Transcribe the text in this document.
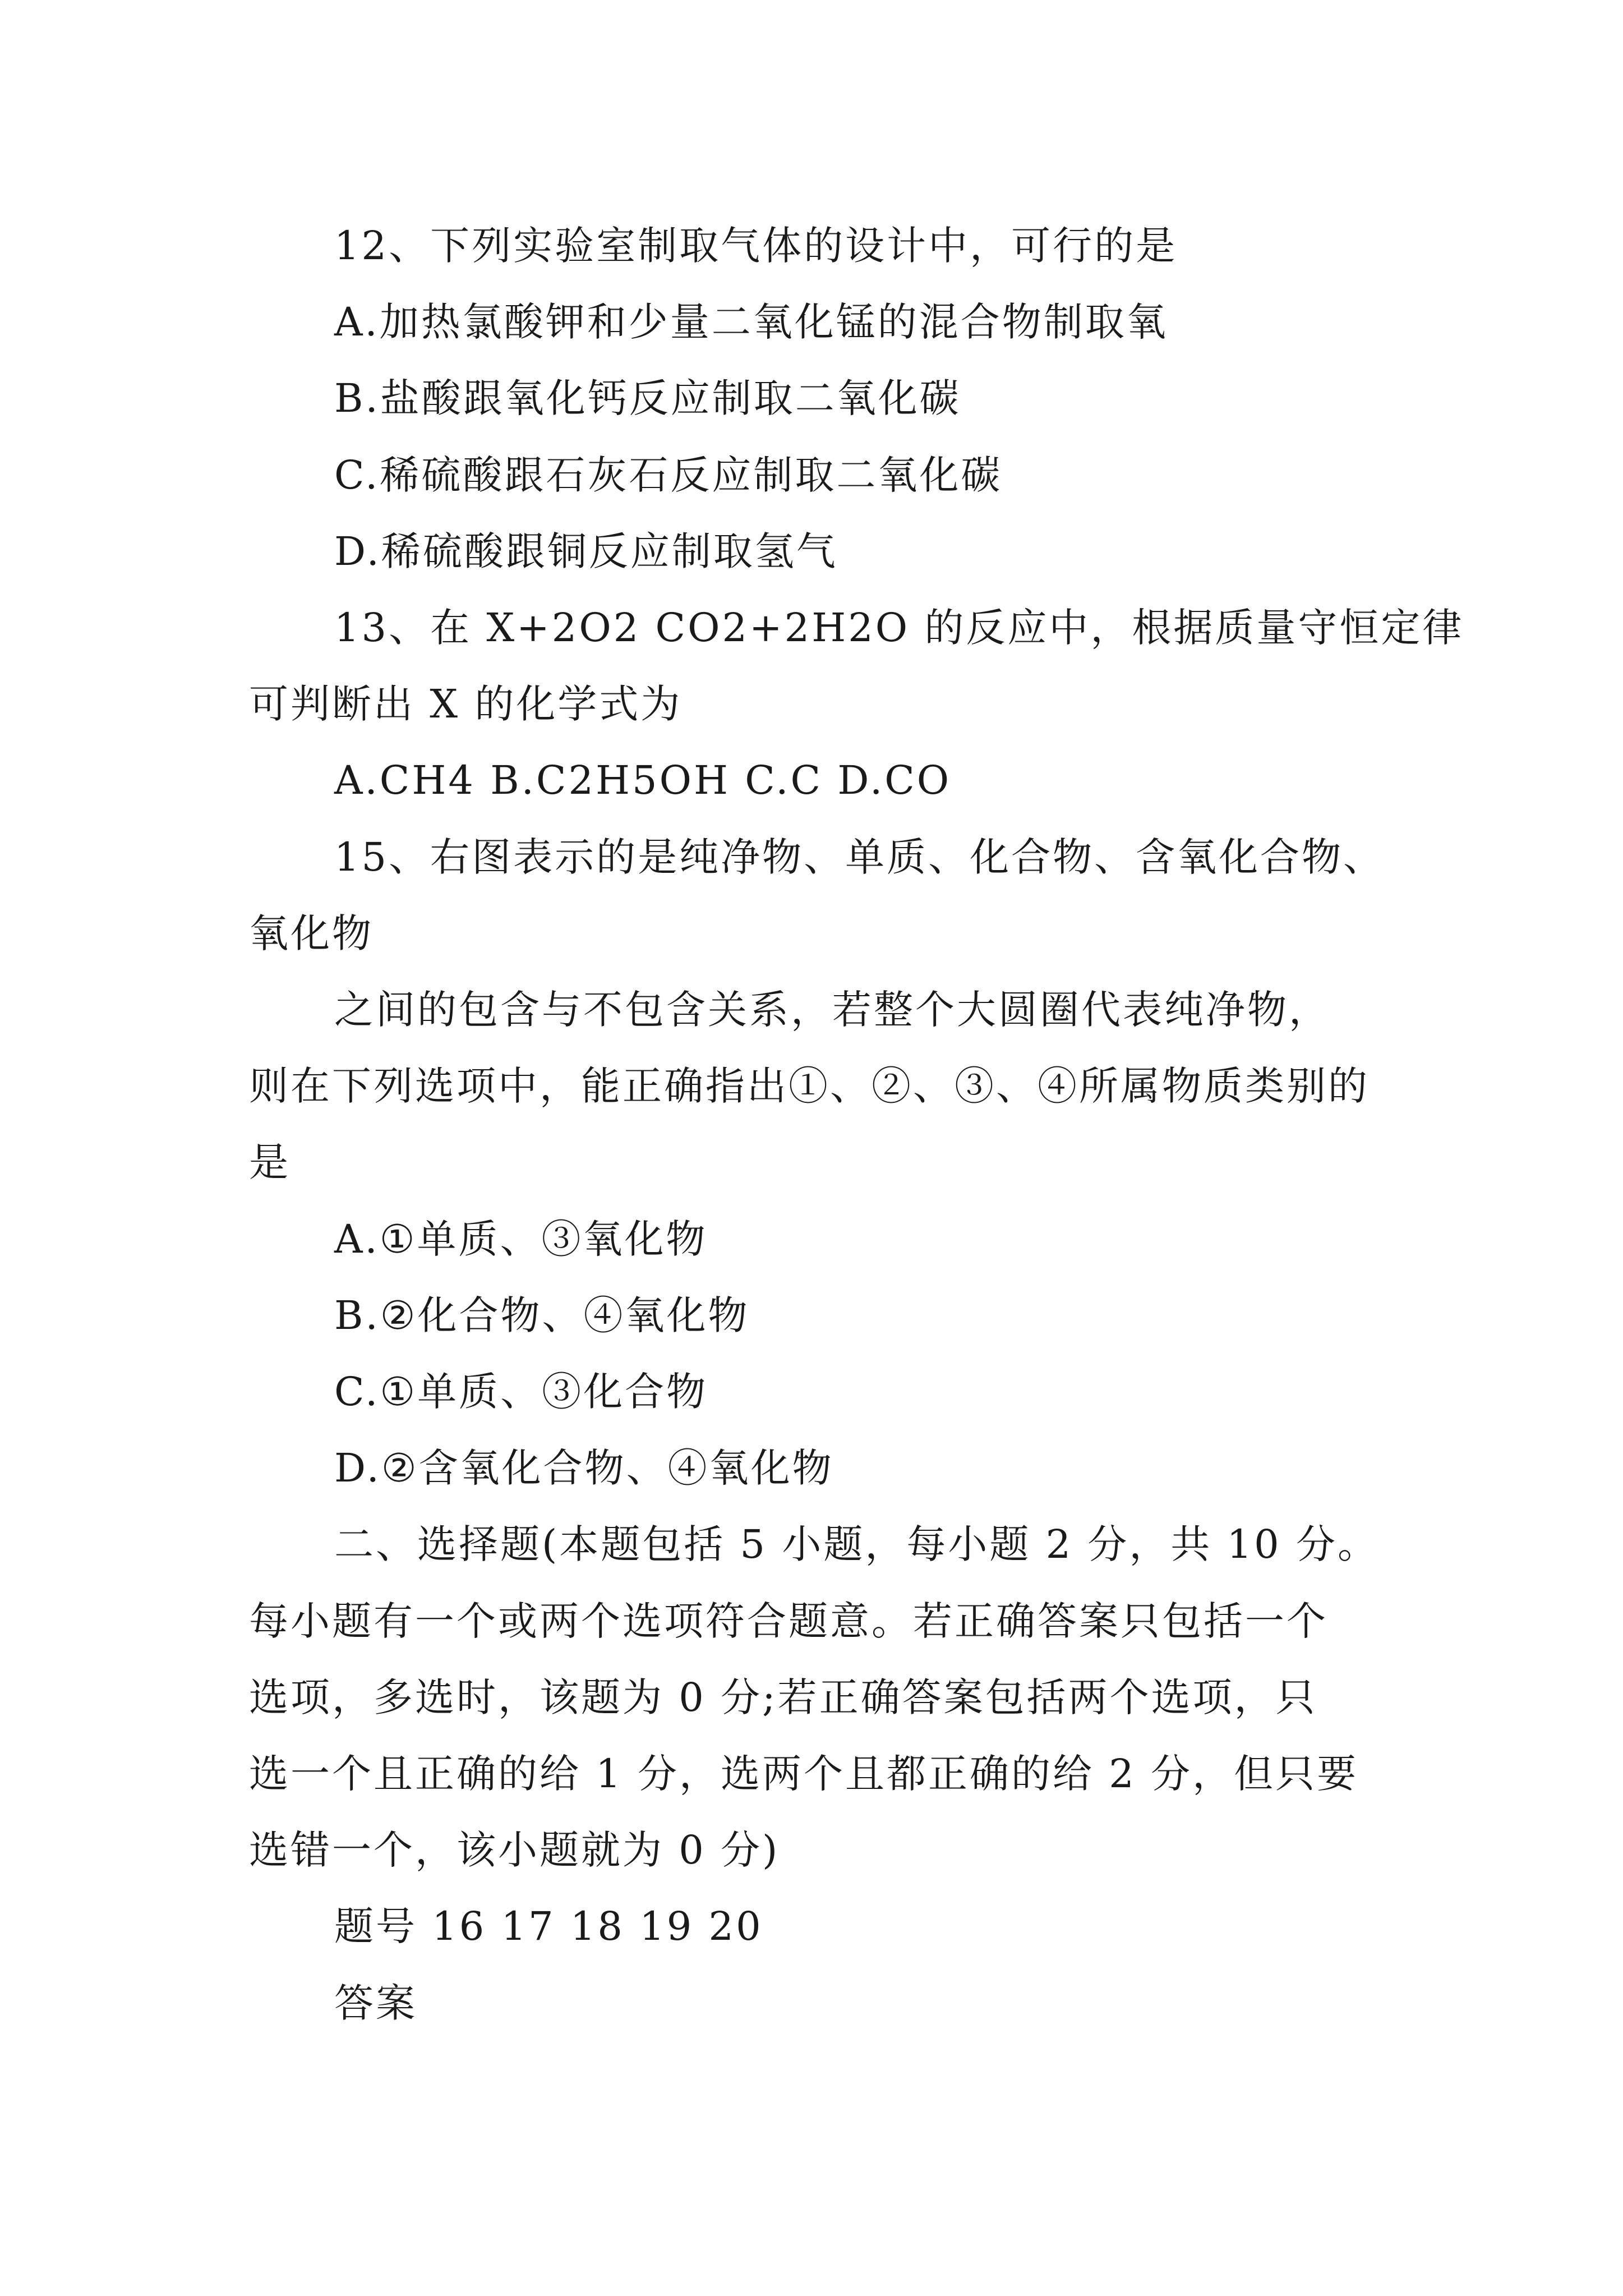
12、下列实验室制取气体的设计中，可行的是
A.加热氯酸钾和少量二氧化锰的混合物制取氧
B.盐酸跟氧化钙反应制取二氧化碳
C.稀硫酸跟石灰石反应制取二氧化碳
D.稀硫酸跟铜反应制取氢气
13、在 X+2O2 CO2+2H2O 的反应中，根据质量守恒定律
可判断出 X 的化学式为
A.CH4 B.C2H5OH C.C D.CO
15、右图表示的是纯净物、单质、化合物、含氧化合物、
氧化物
之间的包含与不包含关系，若整个大圆圈代表纯净物，
则在下列选项中，能正确指出①、②、③、④所属物质类别的
是
A.①单质、③氧化物
B.②化合物、④氧化物
C.①单质、③化合物
D.②含氧化合物、④氧化物
二、选择题(本题包括 5 小题，每小题 2 分，共 10 分。
每小题有一个或两个选项符合题意。若正确答案只包括一个
选项，多选时，该题为 0 分;若正确答案包括两个选项，只
选一个且正确的给 1 分，选两个且都正确的给 2 分，但只要
选错一个，该小题就为 0 分)
题号 16 17 18 19 20
答案
